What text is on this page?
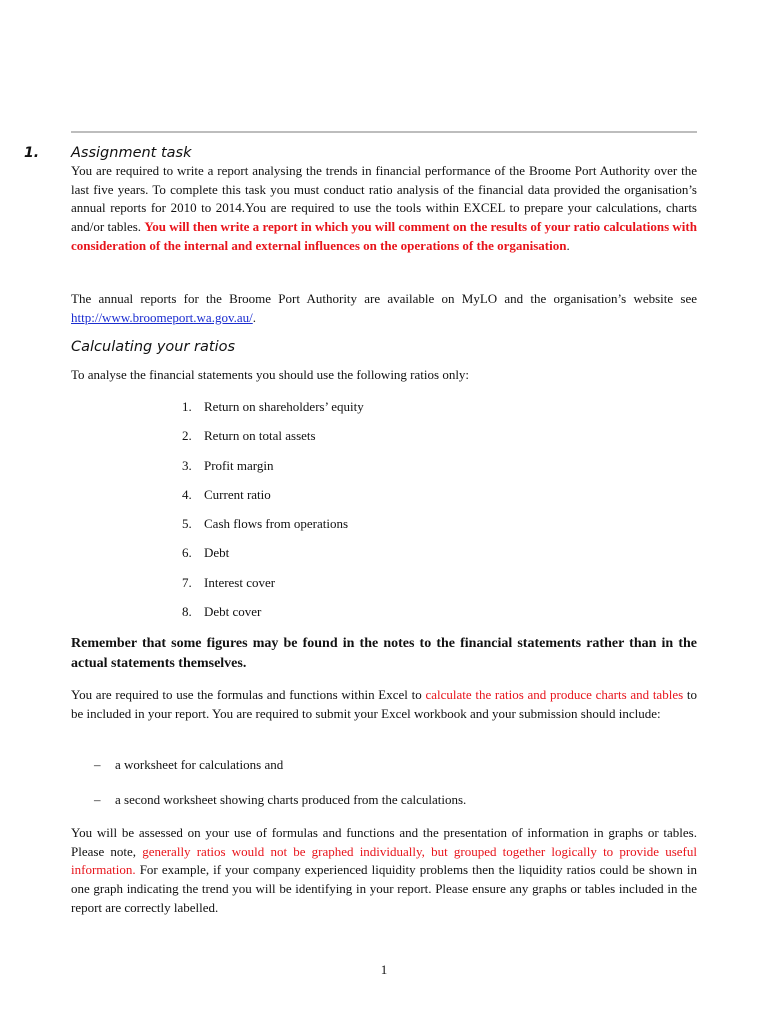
1. Assignment task
You are required to write a report analysing the trends in financial performance of the Broome Port Authority over the last five years. To complete this task you must conduct ratio analysis of the financial data provided the organisation’s annual reports for 2010 to 2014.You are required to use the tools within EXCEL to prepare your calculations, charts and/or tables. You will then write a report in which you will comment on the results of your ratio calculations with consideration of the internal and external influences on the operations of the organisation.
The annual reports for the Broome Port Authority are available on MyLO and the organisation’s website see http://www.broomeport.wa.gov.au/.
Calculating your ratios
To analyse the financial statements you should use the following ratios only:
1. Return on shareholders’ equity
2. Return on total assets
3. Profit margin
4. Current ratio
5. Cash flows from operations
6. Debt
7. Interest cover
8. Debt cover
Remember that some figures may be found in the notes to the financial statements rather than in the actual statements themselves.
You are required to use the formulas and functions within Excel to calculate the ratios and produce charts and tables to be included in your report. You are required to submit your Excel workbook and your submission should include:
– a worksheet for calculations and
– a second worksheet showing charts produced from the calculations.
You will be assessed on your use of formulas and functions and the presentation of information in graphs or tables. Please note, generally ratios would not be graphed individually, but grouped together logically to provide useful information. For example, if your company experienced liquidity problems then the liquidity ratios could be shown in one graph indicating the trend you will be identifying in your report. Please ensure any graphs or tables included in the report are correctly labelled.
1
